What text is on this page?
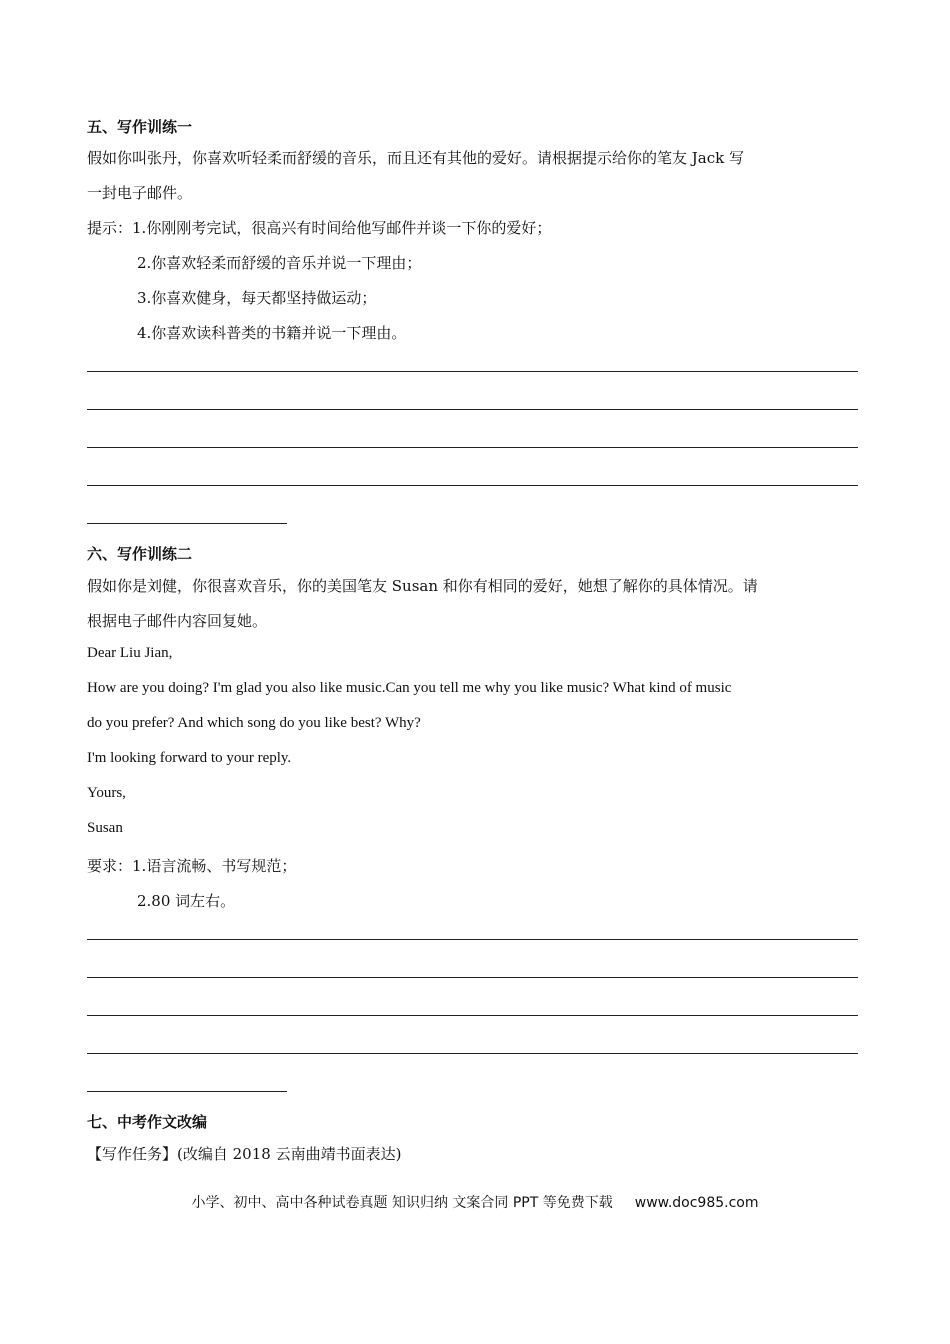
五、写作训练一
假如你叫张丹，你喜欢听轻柔而舒缓的音乐，而且还有其他的爱好。请根据提示给你的笔友 Jack 写
一封电子邮件。
提示：1.你刚刚考完试，很高兴有时间给他写邮件并谈一下你的爱好；
2.你喜欢轻柔而舒缓的音乐并说一下理由；
3.你喜欢健身，每天都坚持做运动；
4.你喜欢读科普类的书籍并说一下理由。
六、写作训练二
假如你是刘健，你很喜欢音乐，你的美国笔友 Susan 和你有相同的爱好，她想了解你的具体情况。请
根据电子邮件内容回复她。
Dear Liu Jian,
How are you doing? I'm glad you also like music.Can you tell me why you like music? What kind of music
do you prefer? And which song do you like best? Why?
I'm looking forward to your reply.
Yours,
Susan
要求：1.语言流畅、书写规范；
2.80 词左右。
七、中考作文改编
【写作任务】(改编自 2018 云南曲靖书面表达)
小学、初中、高中各种试卷真题 知识归纳 文案合同 PPT 等免费下载 www.doc985.com
